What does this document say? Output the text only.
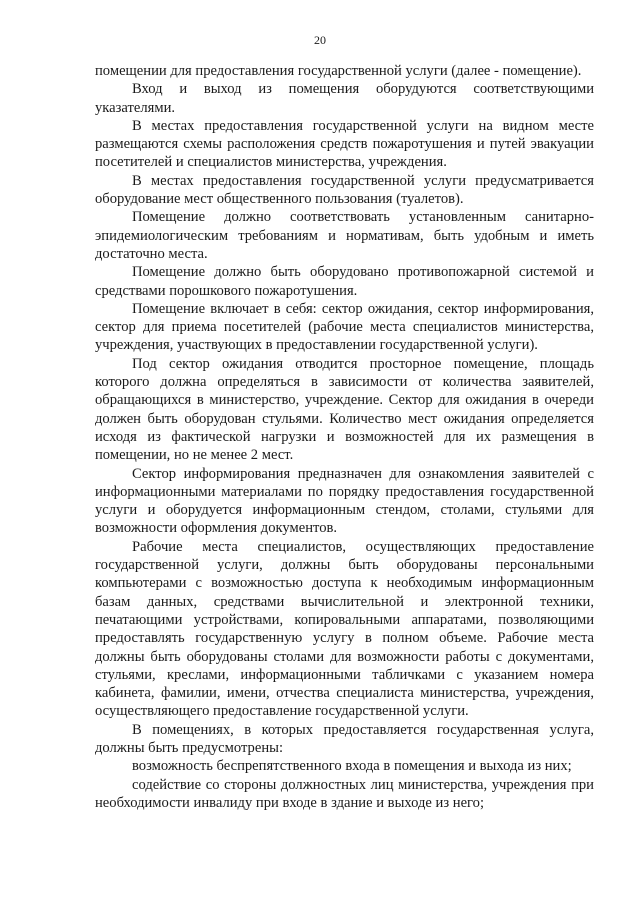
20

помещении для предоставления государственной услуги (далее - помещение).

Вход и выход из помещения оборудуются соответствующими указателями.

В местах предоставления государственной услуги на видном месте размещаются схемы расположения средств пожаротушения и путей эвакуации посетителей и специалистов министерства, учреждения.

В местах предоставления государственной услуги предусматривается оборудование мест общественного пользования (туалетов).

Помещение должно соответствовать установленным санитарно-эпидемиологическим требованиям и нормативам, быть удобным и иметь достаточно места.

Помещение должно быть оборудовано противопожарной системой и средствами порошкового пожаротушения.

Помещение включает в себя: сектор ожидания, сектор информирования, сектор для приема посетителей (рабочие места специалистов министерства, учреждения, участвующих в предоставлении государственной услуги).

Под сектор ожидания отводится просторное помещение, площадь которого должна определяться в зависимости от количества заявителей, обращающихся в министерство, учреждение. Сектор для ожидания в очереди должен быть оборудован стульями. Количество мест ожидания определяется исходя из фактической нагрузки и возможностей для их размещения в помещении, но не менее 2 мест.

Сектор информирования предназначен для ознакомления заявителей с информационными материалами по порядку предоставления государственной услуги и оборудуется информационным стендом, столами, стульями для возможности оформления документов.

Рабочие места специалистов, осуществляющих предоставление государственной услуги, должны быть оборудованы персональными компьютерами с возможностью доступа к необходимым информационным базам данных, средствами вычислительной и электронной техники, печатающими устройствами, копировальными аппаратами, позволяющими предоставлять государственную услугу в полном объеме. Рабочие места должны быть оборудованы столами для возможности работы с документами, стульями, креслами, информационными табличками с указанием номера кабинета, фамилии, имени, отчества специалиста министерства, учреждения, осуществляющего предоставление государственной услуги.

В помещениях, в которых предоставляется государственная услуга, должны быть предусмотрены:

возможность беспрепятственного входа в помещения и выхода из них;

содействие со стороны должностных лиц министерства, учреждения при необходимости инвалиду при входе в здание и выходе из него;
